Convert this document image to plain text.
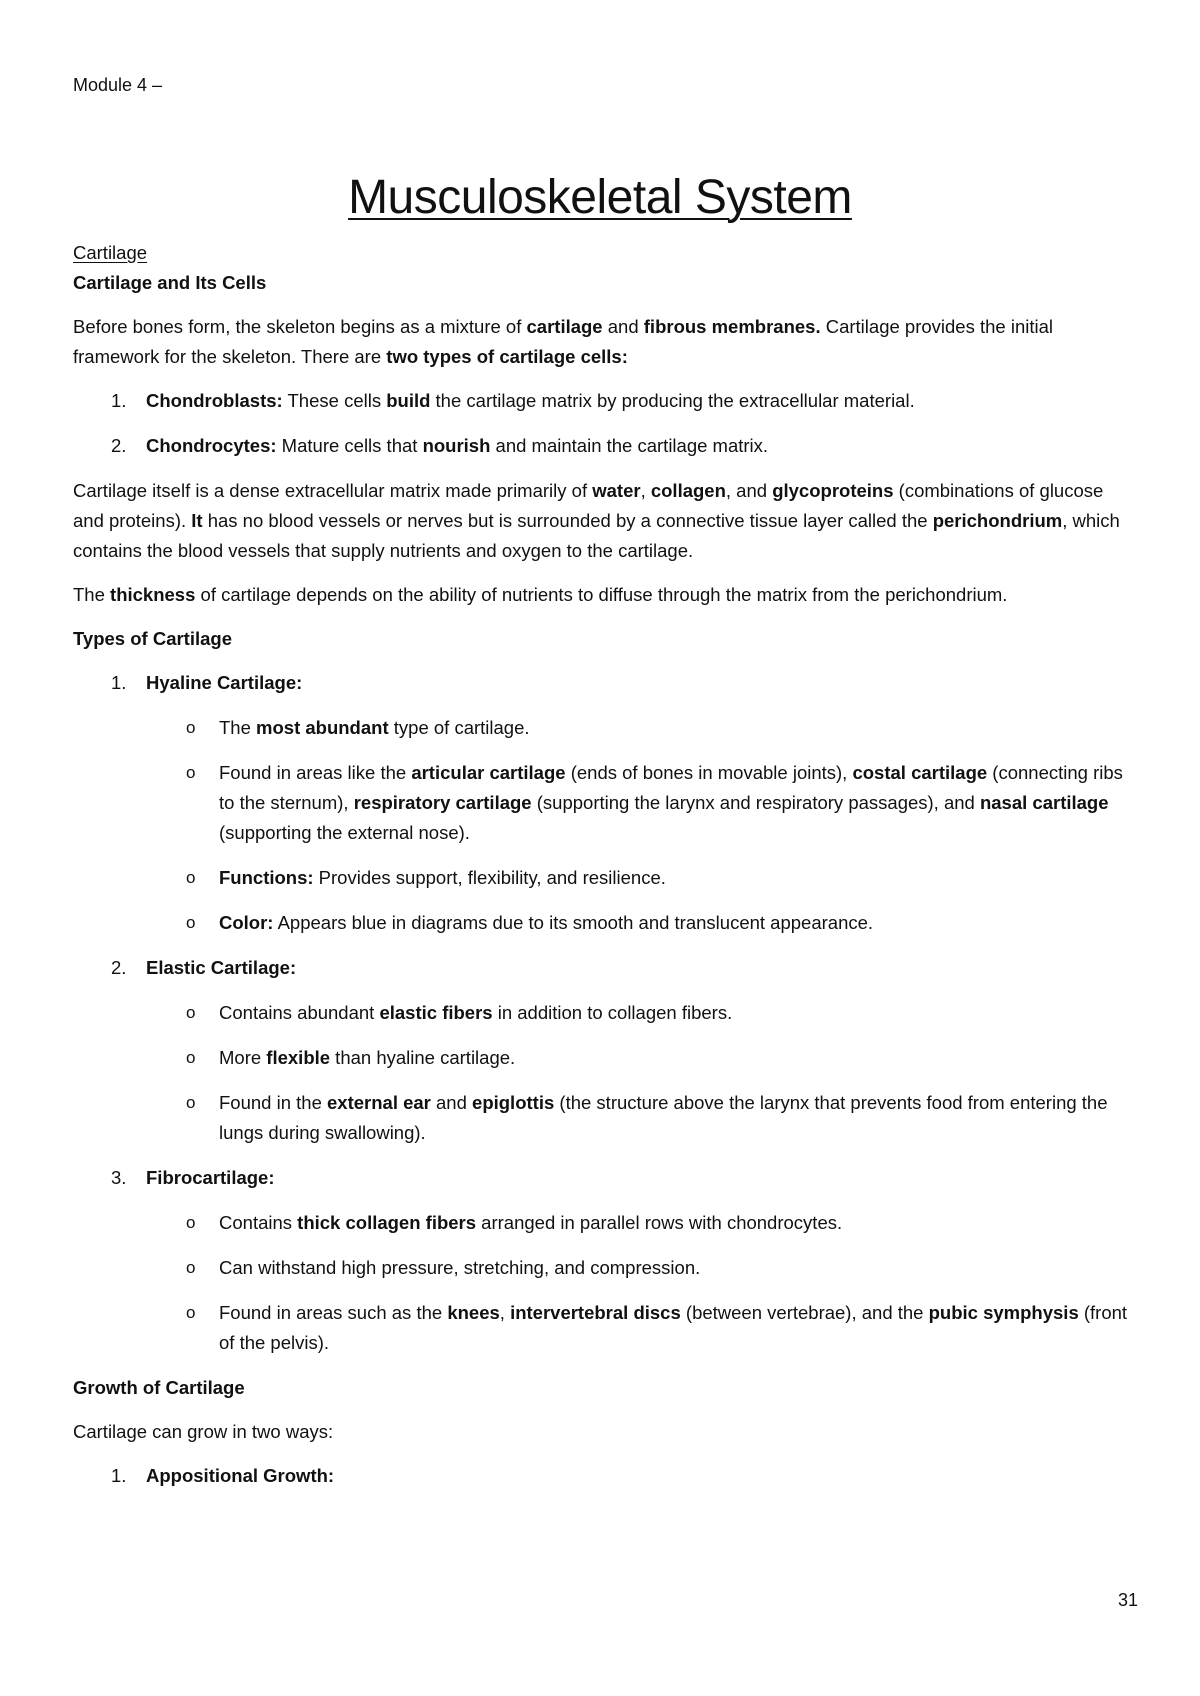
Module 4 –
Musculoskeletal System

Cartilage

Cartilage and Its Cells

Before bones form, the skeleton begins as a mixture of cartilage and fibrous membranes. Cartilage provides the initial framework for the skeleton. There are two types of cartilage cells:

1. Chondroblasts: These cells build the cartilage matrix by producing the extracellular material.
2. Chondrocytes: Mature cells that nourish and maintain the cartilage matrix.

Cartilage itself is a dense extracellular matrix made primarily of water, collagen, and glycoproteins (combinations of glucose and proteins). It has no blood vessels or nerves but is surrounded by a connective tissue layer called the perichondrium, which contains the blood vessels that supply nutrients and oxygen to the cartilage.

The thickness of cartilage depends on the ability of nutrients to diffuse through the matrix from the perichondrium.

Types of Cartilage

1. Hyaline Cartilage:
o The most abundant type of cartilage.
o Found in areas like the articular cartilage (ends of bones in movable joints), costal cartilage (connecting ribs to the sternum), respiratory cartilage (supporting the larynx and respiratory passages), and nasal cartilage (supporting the external nose).
o Functions: Provides support, flexibility, and resilience.
o Color: Appears blue in diagrams due to its smooth and translucent appearance.
2. Elastic Cartilage:
o Contains abundant elastic fibers in addition to collagen fibers.
o More flexible than hyaline cartilage.
o Found in the external ear and epiglottis (the structure above the larynx that prevents food from entering the lungs during swallowing).
3. Fibrocartilage:
o Contains thick collagen fibers arranged in parallel rows with chondrocytes.
o Can withstand high pressure, stretching, and compression.
o Found in areas such as the knees, intervertebral discs (between vertebrae), and the pubic symphysis (front of the pelvis).

Growth of Cartilage

Cartilage can grow in two ways:

1. Appositional Growth:
31
